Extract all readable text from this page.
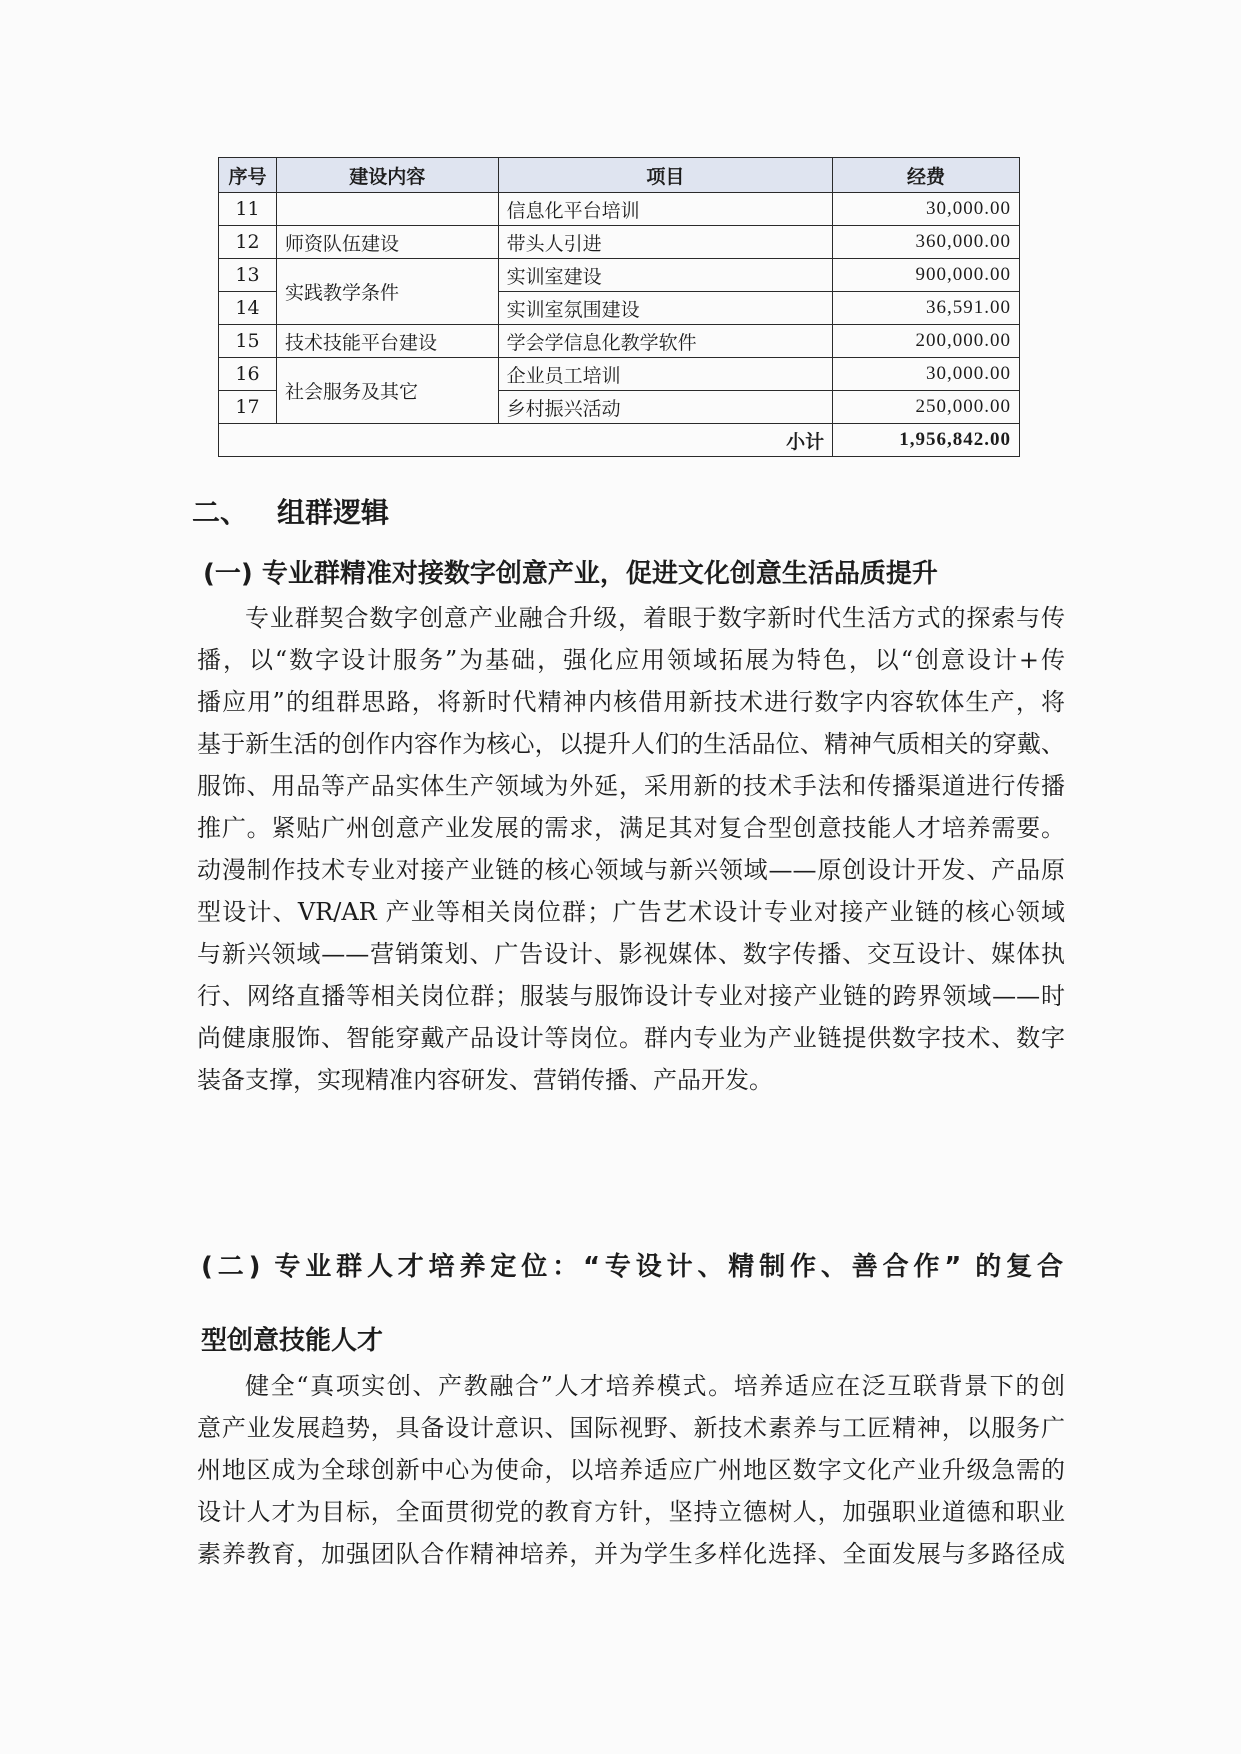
序号	建设内容	项目	经费
11		信息化平台培训	30,000.00
12	师资队伍建设	带头人引进	360,000.00
13	实践教学条件	实训室建设	900,000.00
14		实训室氛围建设	36,591.00
15	技术技能平台建设	学会学信息化教学软件	200,000.00
16	社会服务及其它	企业员工培训	30,000.00
17		乡村振兴活动	250,000.00
小计			1,956,842.00
二、 组群逻辑
(一) 专业群精准对接数字创意产业，促进文化创意生活品质提升
专业群契合数字创意产业融合升级，着眼于数字新时代生活方式的探索与传
播，以“数字设计服务”为基础，强化应用领域拓展为特色，以“创意设计+传
播应用”的组群思路，将新时代精神内核借用新技术进行数字内容软体生产，将
基于新生活的创作内容作为核心，以提升人们的生活品位、精神气质相关的穿戴、
服饰、用品等产品实体生产领域为外延，采用新的技术手法和传播渠道进行传播
推广。紧贴广州创意产业发展的需求，满足其对复合型创意技能人才培养需要。
动漫制作技术专业对接产业链的核心领域与新兴领域——原创设计开发、产品原
型设计、VR/AR 产业等相关岗位群；广告艺术设计专业对接产业链的核心领域
与新兴领域——营销策划、广告设计、影视媒体、数字传播、交互设计、媒体执
行、网络直播等相关岗位群；服装与服饰设计专业对接产业链的跨界领域——时
尚健康服饰、智能穿戴产品设计等岗位。群内专业为产业链提供数字技术、数字
装备支撑，实现精准内容研发、营销传播、产品开发。
(二) 专业群人才培养定位：“专设计、精制作、善合作” 的复合
型创意技能人才
健全“真项实创、产教融合”人才培养模式。培养适应在泛互联背景下的创
意产业发展趋势，具备设计意识、国际视野、新技术素养与工匠精神，以服务广
州地区成为全球创新中心为使命，以培养适应广州地区数字文化产业升级急需的
设计人才为目标，全面贯彻党的教育方针，坚持立德树人，加强职业道德和职业
素养教育，加强团队合作精神培养，并为学生多样化选择、全面发展与多路径成
